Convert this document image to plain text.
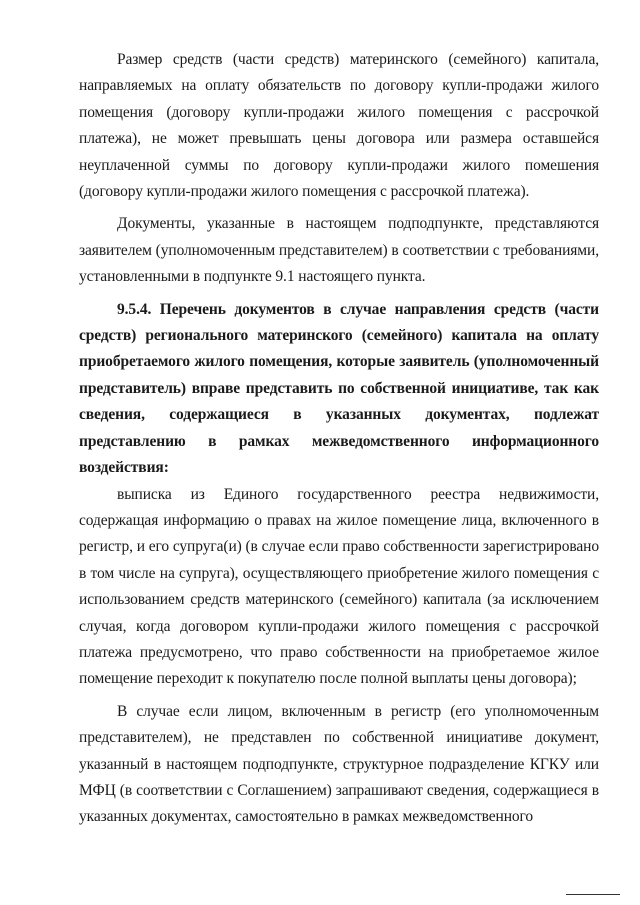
Размер средств (части средств) материнского (семейного) капитала, направляемых на оплату обязательств по договору купли-продажи жилого помещения (договору купли-продажи жилого помещения с рассрочкой платежа), не может превышать цены договора или размера оставшейся неуплаченной суммы по договору купли-продажи жилого помешения (договору купли-продажи жилого помещения с рассрочкой платежа).

Документы, указанные в настоящем подподпункте, представляются заявителем (уполномоченным представителем) в соответствии с требованиями, установленными в подпункте 9.1 настоящего пункта.

9.5.4. Перечень документов в случае направления средств (части средств) регионального материнского (семейного) капитала на оплату приобретаемого жилого помещения, которые заявитель (уполномоченный представитель) вправе представить по собственной инициативе, так как сведения, содержащиеся в указанных документах, подлежат представлению в рамках межведомственного информационного воздействия:

выписка из Единого государственного реестра недвижимости, содержащая информацию о правах на жилое помещение лица, включенного в регистр, и его супруга(и) (в случае если право собственности зарегистрировано в том числе на супруга), осуществляющего приобретение жилого помещения с использованием средств материнского (семейного) капитала (за исключением случая, когда договором купли-продажи жилого помещения с рассрочкой платежа предусмотрено, что право собственности на приобретаемое жилое помещение переходит к покупателю после полной выплаты цены договора);

В случае если лицом, включенным в регистр (его уполномоченным представителем), не представлен по собственной инициативе документ, указанный в настоящем подподпункте, структурное подразделение КГКУ или МФЦ (в соответствии с Соглашением) запрашивают сведения, содержащиеся в указанных документах, самостоятельно в рамках межведомственного
